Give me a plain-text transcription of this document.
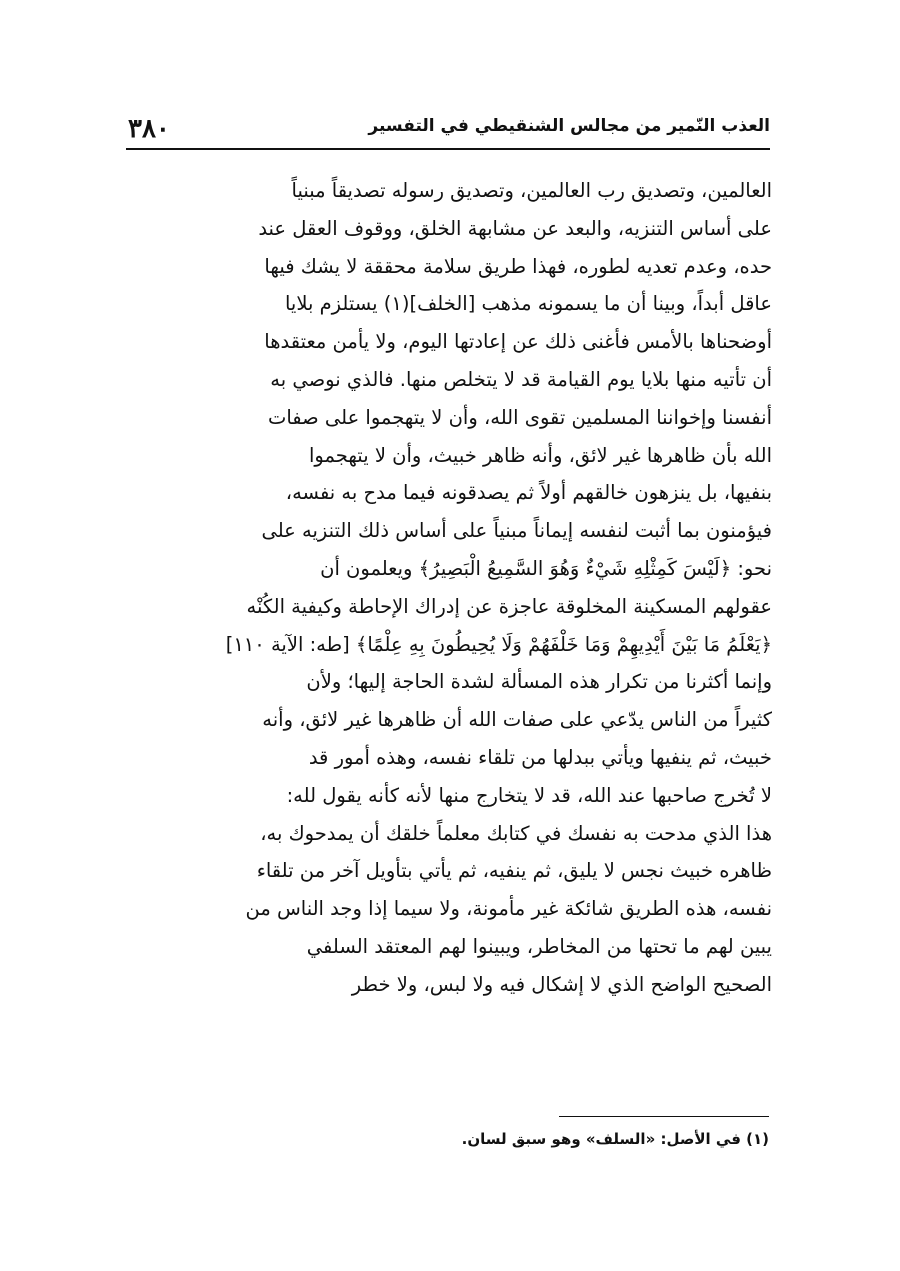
٣٨٠	العذب النّمير من مجالس الشنقيطي في التفسير
العالمين، وتصديق رب العالمين، وتصديق رسوله تصديقاً مبنياً
على أساس التنزيه، والبعد عن مشابهة الخلق، ووقوف العقل عند
حده، وعدم تعديه لطوره، فهذا طريق سلامة محققة لا يشك فيها
عاقل أبداً، وبينا أن ما يسمونه مذهب [الخلف](١) يستلزم بلايا
أوضحناها بالأمس فأغنى ذلك عن إعادتها اليوم، ولا يأمن معتقدها
أن تأتيه منها بلايا يوم القيامة قد لا يتخلص منها. فالذي نوصي به
أنفسنا وإخواننا المسلمين تقوى الله، وأن لا يتهجموا على صفات
الله بأن ظاهرها غير لائق، وأنه ظاهر خبيث، وأن لا يتهجموا
بنفيها، بل ينزهون خالقهم أولاً ثم يصدقونه فيما مدح به نفسه،
فيؤمنون بما أثبت لنفسه إيماناً مبنياً على أساس ذلك التنزيه على
نحو: ﴿لَيْسَ كَمِثْلِهِ شَيْءٌ وَهُوَ السَّمِيعُ الْبَصِيرُ﴾ ويعلمون أن
عقولهم المسكينة المخلوقة عاجزة عن إدراك الإحاطة وكيفية الكُنْه
﴿يَعْلَمُ مَا بَيْنَ أَيْدِيهِمْ وَمَا خَلْفَهُمْ وَلَا يُحِيطُونَ بِهِ عِلْمًا﴾ [طه: الآية ١١٠]
وإنما أكثرنا من تكرار هذه المسألة لشدة الحاجة إليها؛ ولأن
كثيراً من الناس يدّعي على صفات الله أن ظاهرها غير لائق، وأنه
خبيث، ثم ينفيها ويأتي ببدلها من تلقاء نفسه، وهذه أمور قد
لا تُخرج صاحبها عند الله، قد لا يتخارج منها لأنه كأنه يقول لله:
هذا الذي مدحت به نفسك في كتابك معلماً خلقك أن يمدحوك به،
ظاهره خبيث نجس لا يليق، ثم ينفيه، ثم يأتي بتأويل آخر من تلقاء
نفسه، هذه الطريق شائكة غير مأمونة، ولا سيما إذا وجد الناس من
يبين لهم ما تحتها من المخاطر، ويبينوا لهم المعتقد السلفي
الصحيح الواضح الذي لا إشكال فيه ولا لبس، ولا خطر
(١) في الأصل: «السلف» وهو سبق لسان.
